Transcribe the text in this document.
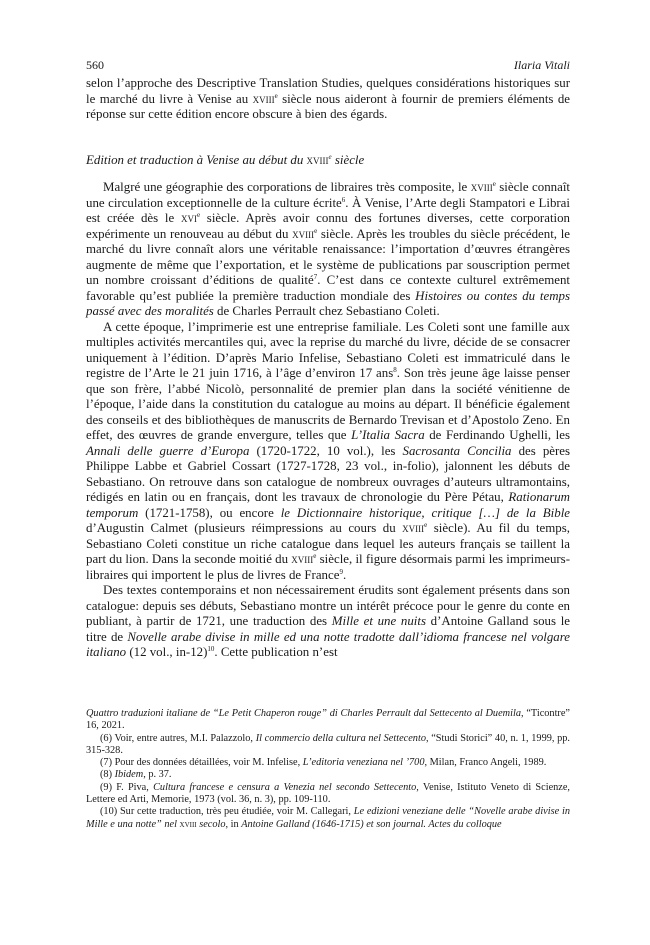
560	Ilaria Vitali

selon l’approche des Descriptive Translation Studies, quelques considérations historiques sur le marché du livre à Venise au xviii$^e$ siècle nous aideront à fournir de premiers éléments de réponse sur cette édition encore obscure à bien des égards.

Edition et traduction à Venise au début du xviii$^e$ siècle

Malgré une géographie des corporations de libraires très composite, le xviii$^e$ siècle connaît une circulation exceptionnelle de la culture écrite$^6$. À Venise, l’Arte degli Stampatori e Librai est créée dès le xvi$^e$ siècle. Après avoir connu des fortunes diverses, cette corporation expérimente un renouveau au début du xviii$^e$ siècle. Après les troubles du siècle précédent, le marché du livre connaît alors une véritable renaissance: l’importation d’œuvres étrangères augmente de même que l’exportation, et le système de publications par souscription permet un nombre croissant d’éditions de qualité$^7$. C’est dans ce contexte culturel extrêmement favorable qu’est publiée la première traduction mondiale des Histoires ou contes du temps passé avec des moralités de Charles Perrault chez Sebastiano Coleti.

A cette époque, l’imprimerie est une entreprise familiale. Les Coleti sont une famille aux multiples activités mercantiles qui, avec la reprise du marché du livre, décide de se consacrer uniquement à l’édition. D’après Mario Infelise, Sebastiano Coleti est immatriculé dans le registre de l’Arte le 21 juin 1716, à l’âge d’environ 17 ans$^8$. Son très jeune âge laisse penser que son frère, l’abbé Nicolò, personnalité de premier plan dans la société vénitienne de l’époque, l’aide dans la constitution du catalogue au moins au départ. Il bénéficie également des conseils et des bibliothèques de manuscrits de Bernardo Trevisan et d’Apostolo Zeno. En effet, des œuvres de grande envergure, telles que L’Italia Sacra de Ferdinando Ughelli, les Annali delle guerre d’Europa (1720-1722, 10 vol.), les Sacrosanta Concilia des pères Philippe Labbe et Gabriel Cossart (1727-1728, 23 vol., in-folio), jalonnent les débuts de Sebastiano. On retrouve dans son catalogue de nombreux ouvrages d’auteurs ultramontains, rédigés en latin ou en français, dont les travaux de chronologie du Père Pétau, Rationarum temporum (1721-1758), ou encore le Dictionnaire historique, critique […] de la Bible d’Augustin Calmet (plusieurs réimpressions au cours du xviii$^e$ siècle). Au fil du temps, Sebastiano Coleti constitue un riche catalogue dans lequel les auteurs français se taillent la part du lion. Dans la seconde moitié du xviii$^e$ siècle, il figure désormais parmi les imprimeurs-libraires qui importent le plus de livres de France$^9$.

Des textes contemporains et non nécessairement érudits sont également présents dans son catalogue: depuis ses débuts, Sebastiano montre un intérêt précoce pour le genre du conte en publiant, à partir de 1721, une traduction des Mille et une nuits d’Antoine Galland sous le titre de Novelle arabe divise in mille ed una notte tradotte dall’idioma francese nel volgare italiano (12 vol., in-12)$^{10}$. Cette publication n’est

Quattro traduzioni italiane de “Le Petit Chaperon rouge” di Charles Perrault dal Settecento al Duemila, “Ticontre” 16, 2021.

(6) Voir, entre autres, M.I. Palazzolo, Il commercio della cultura nel Settecento, “Studi Storici” 40, n. 1, 1999, pp. 315-328.

(7) Pour des données détaillées, voir M. Infelise, L’editoria veneziana nel ’700, Milan, Franco Angeli, 1989.

(8) Ibidem, p. 37.

(9) F. Piva, Cultura francese e censura a Venezia nel secondo Settecento, Venise, Istituto Veneto di Scienze, Lettere ed Arti, Memorie, 1973 (vol. 36, n. 3), pp. 109-110.

(10) Sur cette traduction, très peu étudiée, voir M. Callegari, Le edizioni veneziane delle “Novelle arabe divise in Mille e una notte” nel xviii secolo, in Antoine Galland (1646-1715) et son journal. Actes du colloque
